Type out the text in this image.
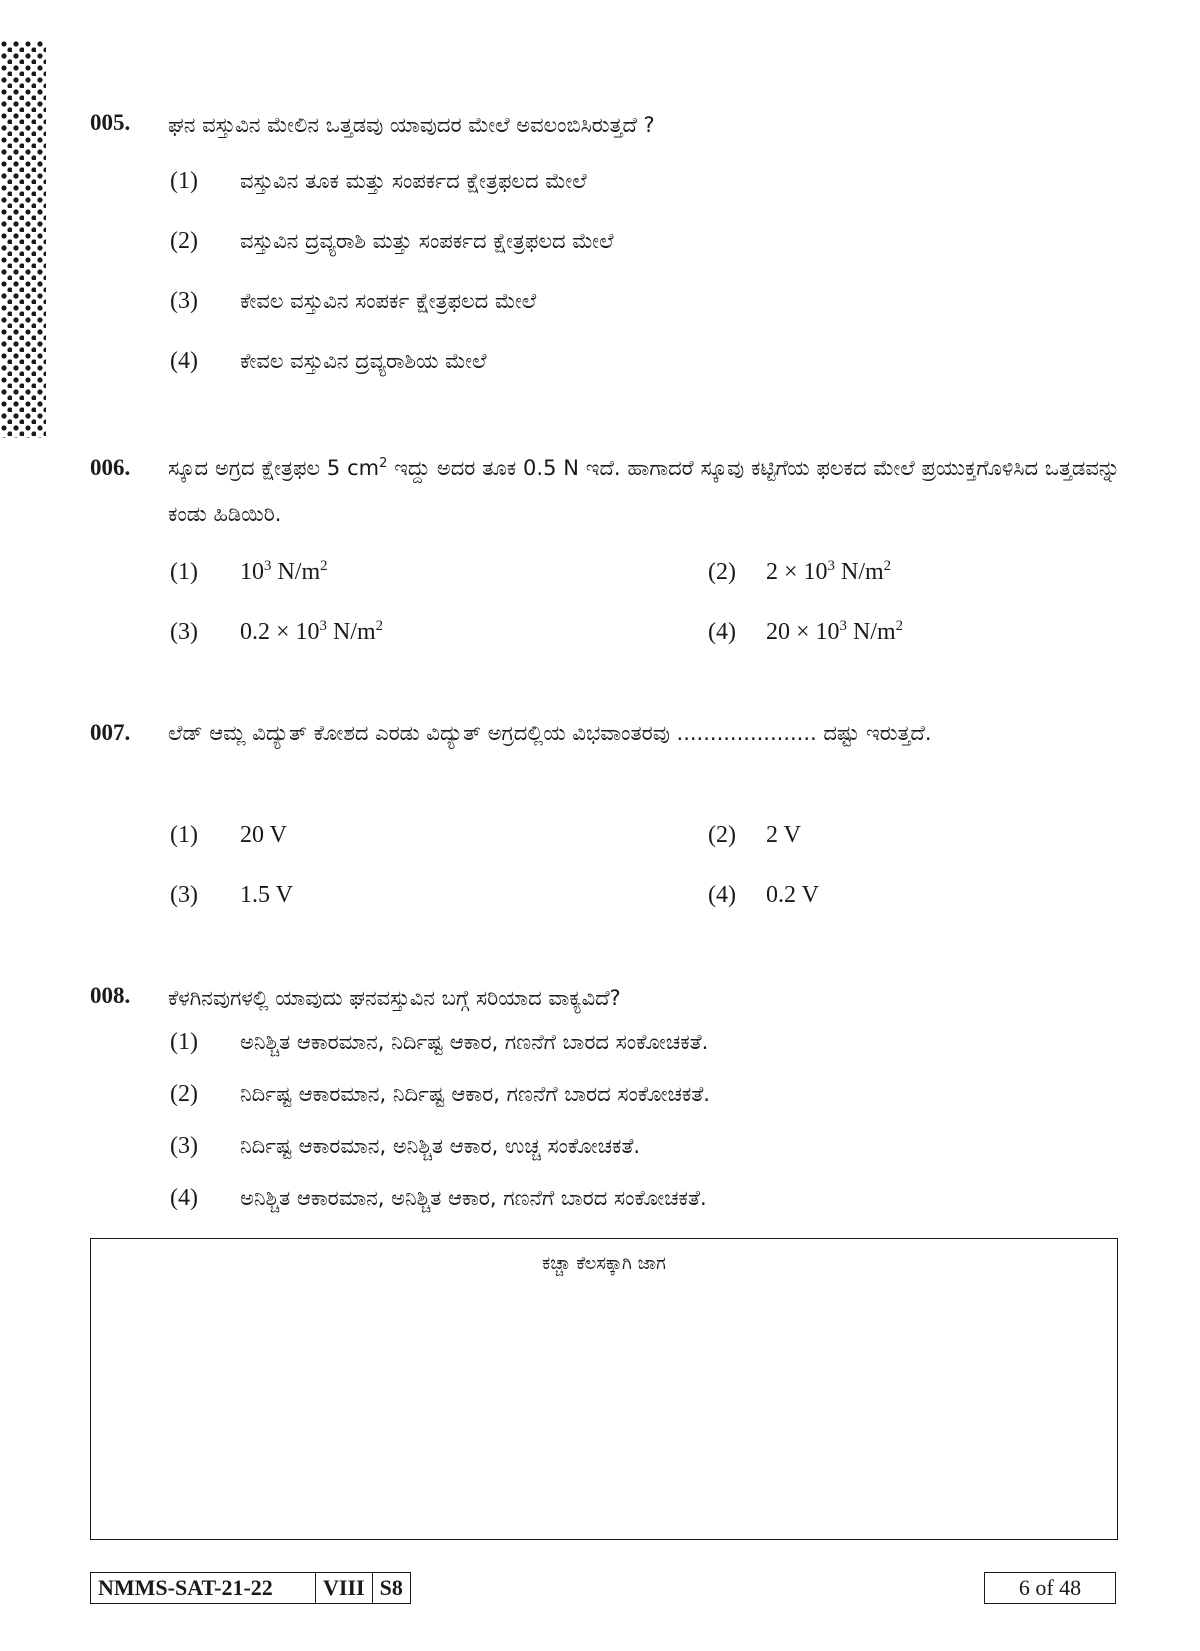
005. ಘನ ವಸ್ತುವಿನ ಮೇಲಿನ ಒತ್ತಡವು ಯಾವುದರ ಮೇಲೆ ಅವಲಂಬಿಸಿರುತ್ತದೆ ?
(1) ವಸ್ತುವಿನ ತೂಕ ಮತ್ತು ಸಂಪರ್ಕದ ಕ್ಷೇತ್ರಫಲದ ಮೇಲೆ
(2) ವಸ್ತುವಿನ ದ್ರವ್ಯರಾಶಿ ಮತ್ತು ಸಂಪರ್ಕದ ಕ್ಷೇತ್ರಫಲದ ಮೇಲೆ
(3) ಕೇವಲ ವಸ್ತುವಿನ ಸಂಪರ್ಕ ಕ್ಷೇತ್ರಫಲದ ಮೇಲೆ
(4) ಕೇವಲ ವಸ್ತುವಿನ ದ್ರವ್ಯರಾಶಿಯ ಮೇಲೆ
006. ಸ್ಕೂದ ಅಗ್ರದ ಕ್ಷೇತ್ರಫಲ 5 $cm^2$ ಇದ್ದು ಅದರ ತೂಕ 0.5 N ಇದೆ. ಹಾಗಾದರೆ ಸ್ಕೂವು ಕಟ್ಟಿಗೆಯ ಫಲಕದ ಮೇಲೆ ಪ್ರಯುಕ್ತಗೊಳಿಸಿದ ಒತ್ತಡವನ್ನು ಕಂಡು ಹಿಡಿಯಿರಿ.
(1) $10^3$ $N/m^2$	(2) $2 \times 10^3$ $N/m^2$
(3) $0.2 \times 10^3$ $N/m^2$	(4) $20 \times 10^3$ $N/m^2$
007. ಲೆಡ್ ಆಮ್ಲ ವಿದ್ಯುತ್ ಕೋಶದ ಎರಡು ವಿದ್ಯುತ್ ಅಗ್ರದಲ್ಲಿಯ ವಿಭವಾಂತರವು ..................... ದಷ್ಟು ಇರುತ್ತದೆ.
(1) 20 V	(2) 2 V
(3) 1.5 V	(4) 0.2 V
008. ಕೆಳಗಿನವುಗಳಲ್ಲಿ ಯಾವುದು ಘನವಸ್ತುವಿನ ಬಗ್ಗೆ ಸರಿಯಾದ ವಾಕ್ಯವಿದೆ?
(1) ಅನಿಶ್ಚಿತ ಆಕಾರಮಾನ, ನಿರ್ದಿಷ್ಟ ಆಕಾರ, ಗಣನೆಗೆ ಬಾರದ ಸಂಕೋಚಕತೆ.
(2) ನಿರ್ದಿಷ್ಟ ಆಕಾರಮಾನ, ನಿರ್ದಿಷ್ಟ ಆಕಾರ, ಗಣನೆಗೆ ಬಾರದ ಸಂಕೋಚಕತೆ.
(3) ನಿರ್ದಿಷ್ಟ ಆಕಾರಮಾನ, ಅನಿಶ್ಚಿತ ಆಕಾರ, ಉಚ್ಚ ಸಂಕೋಚಕತೆ.
(4) ಅನಿಶ್ಚಿತ ಆಕಾರಮಾನ, ಅನಿಶ್ಚಿತ ಆಕಾರ, ಗಣನೆಗೆ ಬಾರದ ಸಂಕೋಚಕತೆ.
ಕಚ್ಚಾ ಕೆಲಸಕ್ಕಾಗಿ ಜಾಗ
NMMS-SAT-21-22	VIII S8	6 of 48
